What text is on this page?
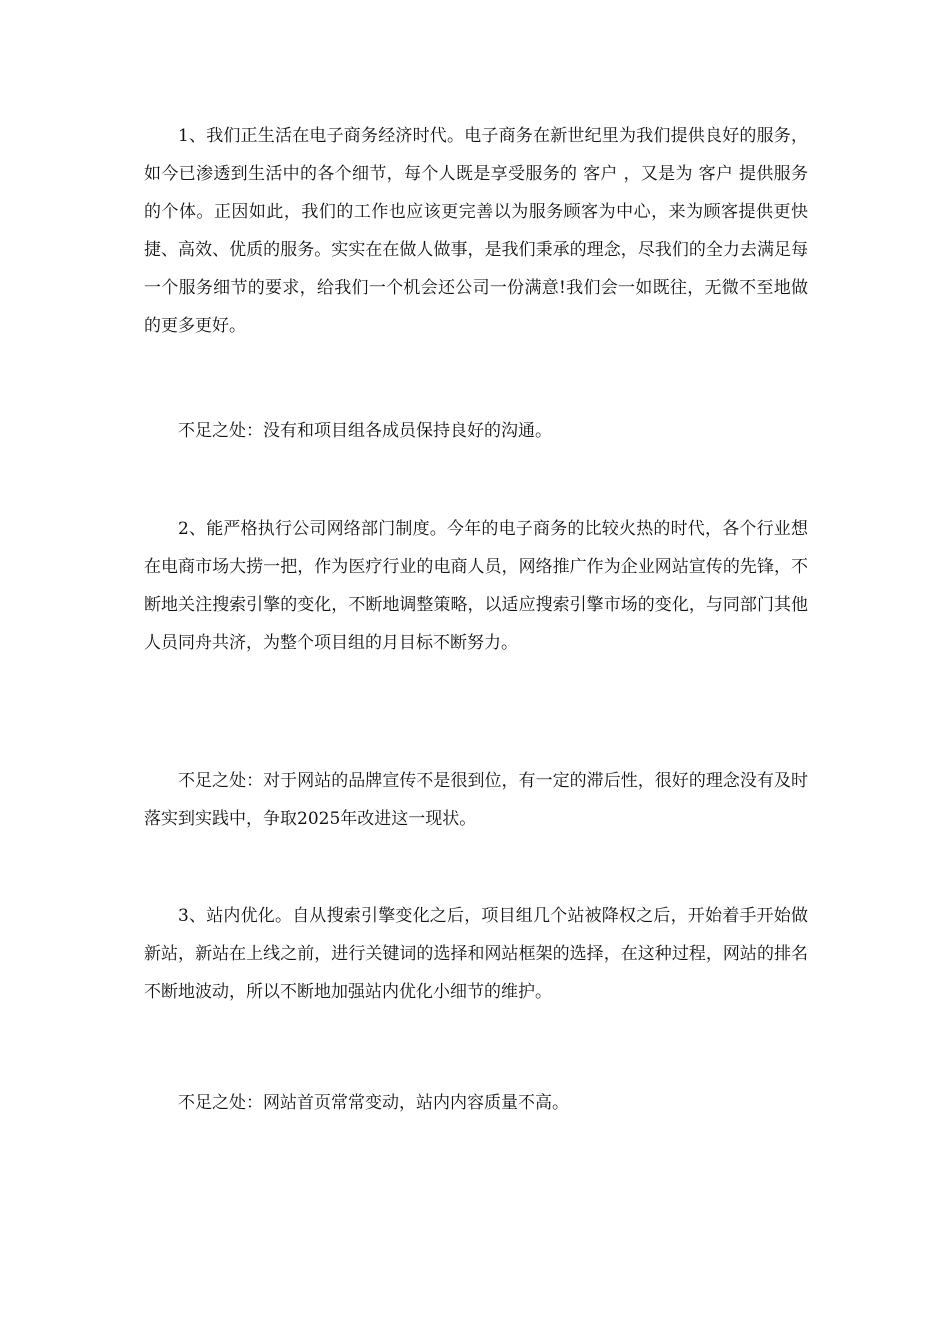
1、我们正生活在电子商务经济时代。电子商务在新世纪里为我们提供良好的服务，如今已渗透到生活中的各个细节，每个人既是享受服务的 客户 ，又是为 客户 提供服务的个体。正因如此，我们的工作也应该更完善以为服务顾客为中心，来为顾客提供更快捷、高效、优质的服务。实实在在做人做事，是我们秉承的理念，尽我们的全力去满足每一个服务细节的要求，给我们一个机会还公司一份满意!我们会一如既往，无微不至地做的更多更好。

不足之处：没有和项目组各成员保持良好的沟通。

2、能严格执行公司网络部门制度。今年的电子商务的比较火热的时代，各个行业想在电商市场大捞一把，作为医疗行业的电商人员，网络推广作为企业网站宣传的先锋，不断地关注搜索引擎的变化，不断地调整策略，以适应搜索引擎市场的变化，与同部门其他人员同舟共济，为整个项目组的月目标不断努力。

不足之处：对于网站的品牌宣传不是很到位，有一定的滞后性，很好的理念没有及时落实到实践中，争取2025年改进这一现状。

3、站内优化。自从搜索引擎变化之后，项目组几个站被降权之后，开始着手开始做新站，新站在上线之前，进行关键词的选择和网站框架的选择，在这种过程，网站的排名不断地波动，所以不断地加强站内优化小细节的维护。

不足之处：网站首页常常变动，站内内容质量不高。
